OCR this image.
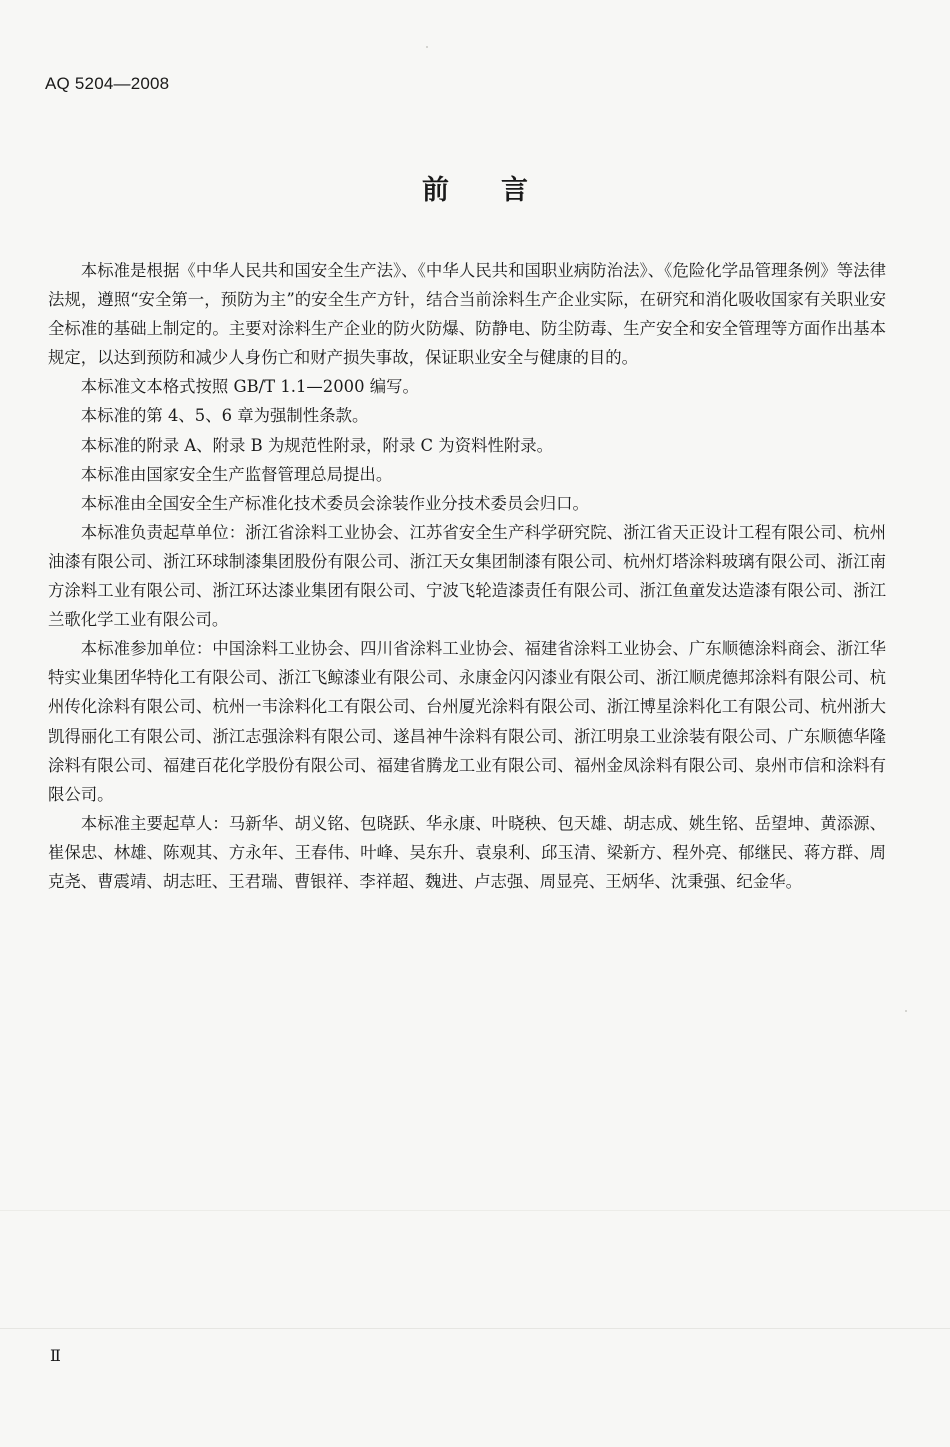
AQ 5204—2008
前言

本标准是根据《中华人民共和国安全生产法》、《中华人民共和国职业病防治法》、《危险化学品管理条例》等法律法规，遵照“安全第一，预防为主”的安全生产方针，结合当前涂料生产企业实际，在研究和消化吸收国家有关职业安全标准的基础上制定的。主要对涂料生产企业的防火防爆、防静电、防尘防毒、生产安全和安全管理等方面作出基本规定，以达到预防和减少人身伤亡和财产损失事故，保证职业安全与健康的目的。

本标准文本格式按照 GB/T 1.1—2000 编写。

本标准的第 4、5、6 章为强制性条款。

本标准的附录 A、附录 B 为规范性附录，附录 C 为资料性附录。

本标准由国家安全生产监督管理总局提出。

本标准由全国安全生产标准化技术委员会涂装作业分技术委员会归口。

本标准负责起草单位：浙江省涂料工业协会、江苏省安全生产科学研究院、浙江省天正设计工程有限公司、杭州油漆有限公司、浙江环球制漆集团股份有限公司、浙江天女集团制漆有限公司、杭州灯塔涂料玻璃有限公司、浙江南方涂料工业有限公司、浙江环达漆业集团有限公司、宁波飞轮造漆责任有限公司、浙江鱼童发达造漆有限公司、浙江兰歌化学工业有限公司。

本标准参加单位：中国涂料工业协会、四川省涂料工业协会、福建省涂料工业协会、广东顺德涂料商会、浙江华特实业集团华特化工有限公司、浙江飞鲸漆业有限公司、永康金闪闪漆业有限公司、浙江顺虎德邦涂料有限公司、杭州传化涂料有限公司、杭州一韦涂料化工有限公司、台州厦光涂料有限公司、浙江博星涂料化工有限公司、杭州浙大凯得丽化工有限公司、浙江志强涂料有限公司、遂昌神牛涂料有限公司、浙江明泉工业涂装有限公司、广东顺德华隆涂料有限公司、福建百花化学股份有限公司、福建省腾龙工业有限公司、福州金凤涂料有限公司、泉州市信和涂料有限公司。

本标准主要起草人：马新华、胡义铭、包晓跃、华永康、叶晓秧、包天雄、胡志成、姚生铭、岳望坤、黄添源、崔保忠、林雄、陈观其、方永年、王春伟、叶峰、吴东升、袁泉利、邱玉清、梁新方、程外亮、郁继民、蒋方群、周克尧、曹震靖、胡志旺、王君瑞、曹银祥、李祥超、魏进、卢志强、周显亮、王炳华、沈秉强、纪金华。

Ⅱ
